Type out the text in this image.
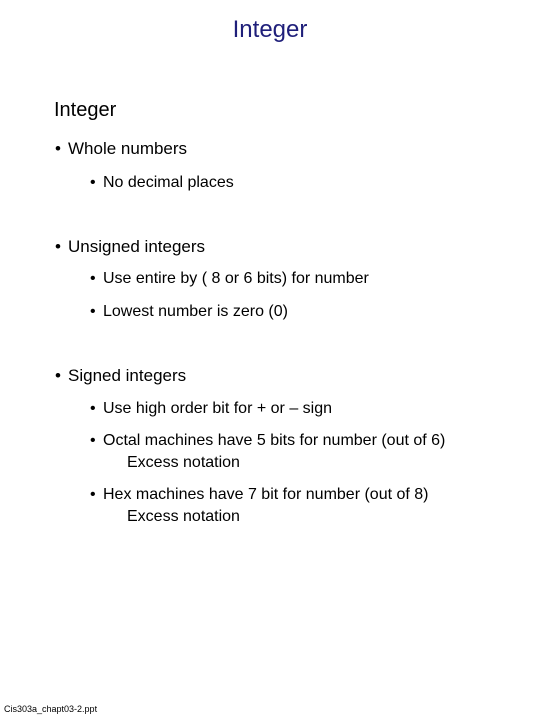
Integer
Integer
• Whole numbers
• No decimal places
• Unsigned integers
• Use entire by ( 8 or 6 bits) for number
• Lowest number is zero (0)
• Signed integers
• Use high order bit for + or – sign
• Octal machines have 5 bits for number (out of 6)
Excess notation
• Hex machines have 7 bit for number (out of 8)
Excess notation
Cis303a_chapt03-2.ppt
